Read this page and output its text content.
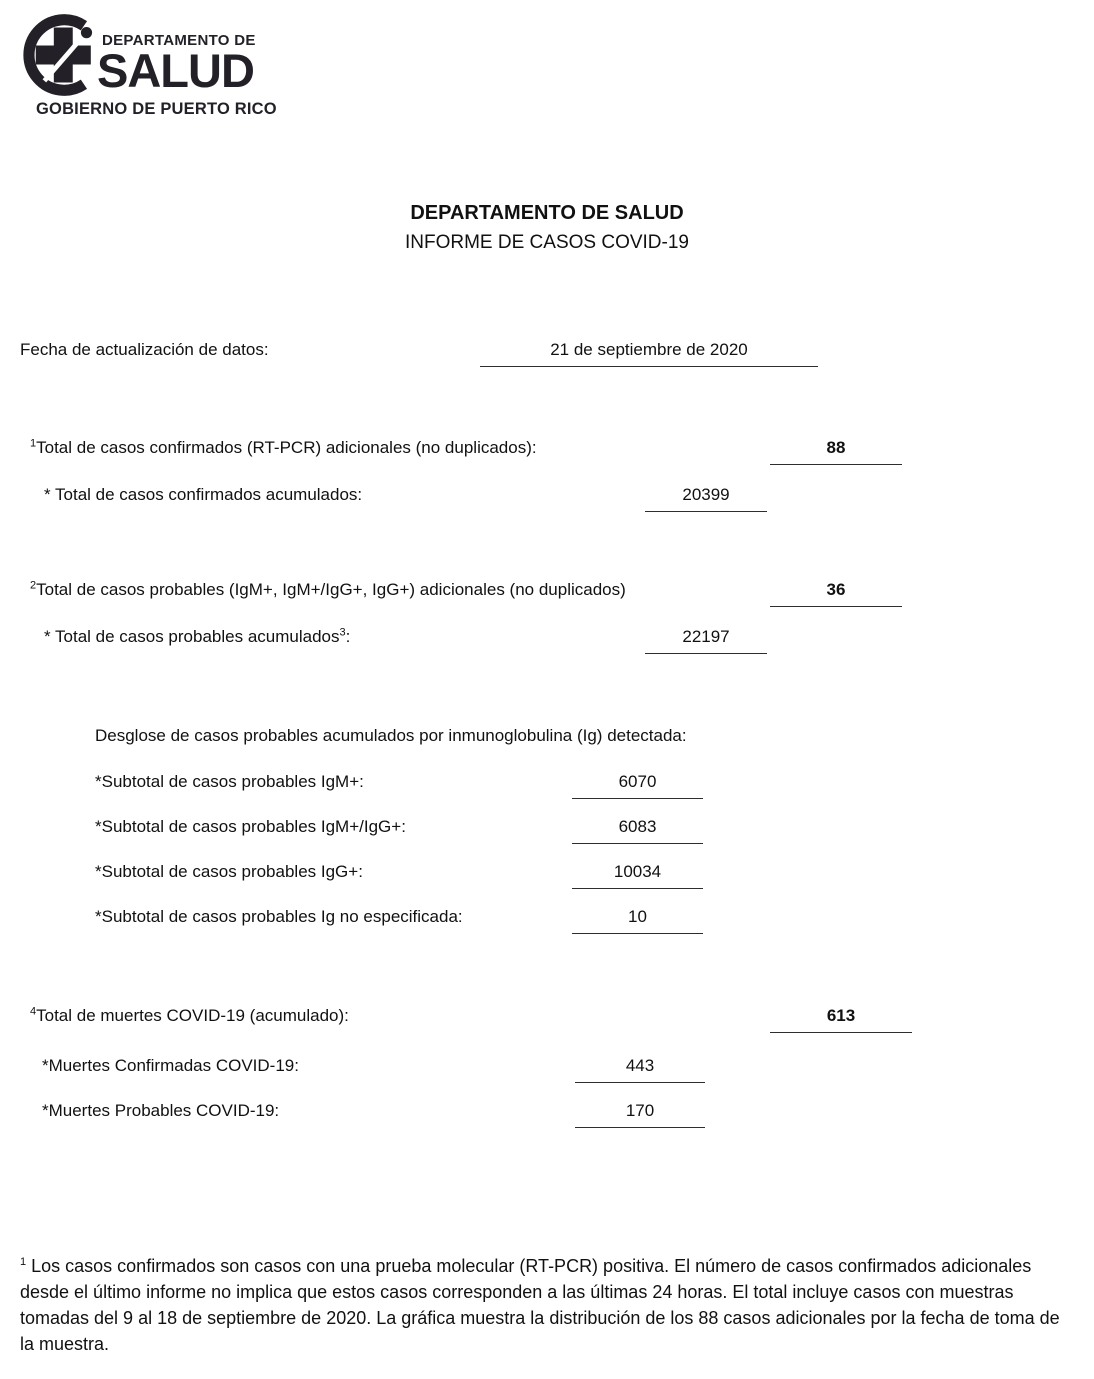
DEPARTAMENTO DE
SALUD
GOBIERNO DE PUERTO RICO
DEPARTAMENTO DE SALUD
INFORME DE CASOS COVID-19
Fecha de actualización de datos:	21 de septiembre de 2020
$^1$Total de casos confirmados (RT-PCR) adicionales (no duplicados):	88
* Total de casos confirmados acumulados:	20399
$^2$Total de casos probables (IgM+, IgM+/IgG+, IgG+) adicionales (no duplicados)	36
* Total de casos probables acumulados$^3$:	22197
Desglose de casos probables acumulados por inmunoglobulina (Ig) detectada:
*Subtotal de casos probables IgM+:	6070
*Subtotal de casos probables IgM+/IgG+:	6083
*Subtotal de casos probables IgG+:	10034
*Subtotal de casos probables Ig no especificada:	10
$^4$Total de muertes COVID-19 (acumulado):	613
*Muertes Confirmadas COVID-19:	443
*Muertes Probables COVID-19:	170
$^1$ Los casos confirmados son casos con una prueba molecular (RT-PCR) positiva. El número de casos confirmados adicionales desde el último informe no implica que estos casos corresponden a las últimas 24 horas. El total incluye casos con muestras tomadas del 9 al 18 de septiembre de 2020. La gráfica muestra la distribución de los 88 casos adicionales por la fecha de toma de la muestra.
